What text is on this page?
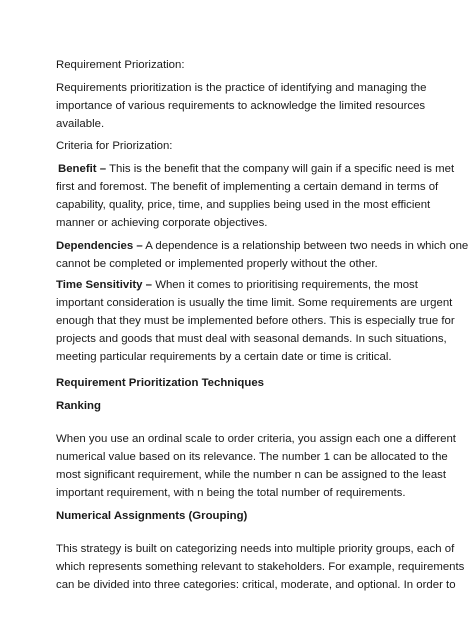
Requirement Priorization:
Requirements prioritization is the practice of identifying and managing the
importance of various requirements to acknowledge the limited resources
available.
Criteria for Priorization:
Benefit – This is the benefit that the company will gain if a specific need is met
first and foremost. The benefit of implementing a certain demand in terms of
capability, quality, price, time, and supplies being used in the most efficient
manner or achieving corporate objectives.
Dependencies – A dependence is a relationship between two needs in which one
cannot be completed or implemented properly without the other.
Time Sensitivity – When it comes to prioritising requirements, the most
important consideration is usually the time limit. Some requirements are urgent
enough that they must be implemented before others. This is especially true for
projects and goods that must deal with seasonal demands. In such situations,
meeting particular requirements by a certain date or time is critical.
Requirement Prioritization Techniques
Ranking
When you use an ordinal scale to order criteria, you assign each one a different
numerical value based on its relevance. The number 1 can be allocated to the
most significant requirement, while the number n can be assigned to the least
important requirement, with n being the total number of requirements.
Numerical Assignments (Grouping)
This strategy is built on categorizing needs into multiple priority groups, each of
which represents something relevant to stakeholders. For example, requirements
can be divided into three categories: critical, moderate, and optional. In order to
